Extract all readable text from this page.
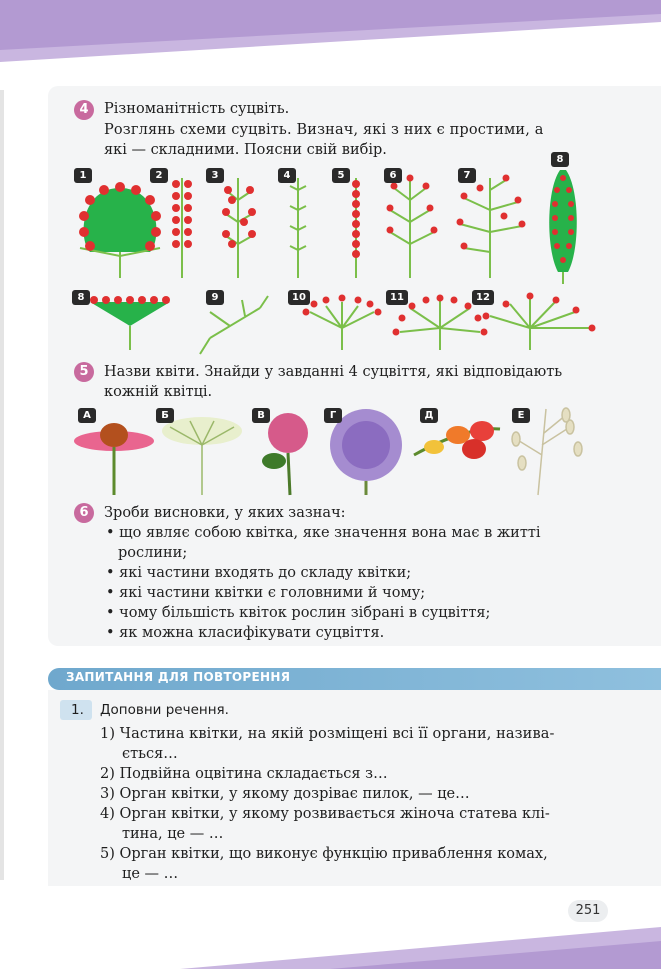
4	Різноманітність суцвіть.
Розглянь схеми суцвіть. Визнач, які з них є простими, а
які — складними. Поясни свій вибір.
1	2	3	4	5	6	7
8
8	9	10	11	12
5	Назви квіти. Знайди у завданні 4 суцвіття, які відповідають
кожній квітці.
А	Б	В	Г	Д	Е
6	Зроби висновки, у яких зазнач:
• що являє собою квітка, яке значення вона має в житті
рослини;
• які частини входять до складу квітки;
• які частини квітки є головними й чому;
• чому більшість квіток рослин зібрані в суцвіття;
• як можна класифікувати суцвіття.
ЗАПИТАННЯ ДЛЯ ПОВТОРЕННЯ
1. Доповни речення.
1) Частина квітки, на якій розміщені всі її органи, назива-
ється…
2) Подвійна оцвітина складається з…
3) Орган квітки, у якому дозріває пилок, — це…
4) Орган квітки, у якому розвивається жіноча статева клі-
тина, це — …
5) Орган квітки, що виконує функцію приваблення комах,
це — …
251
